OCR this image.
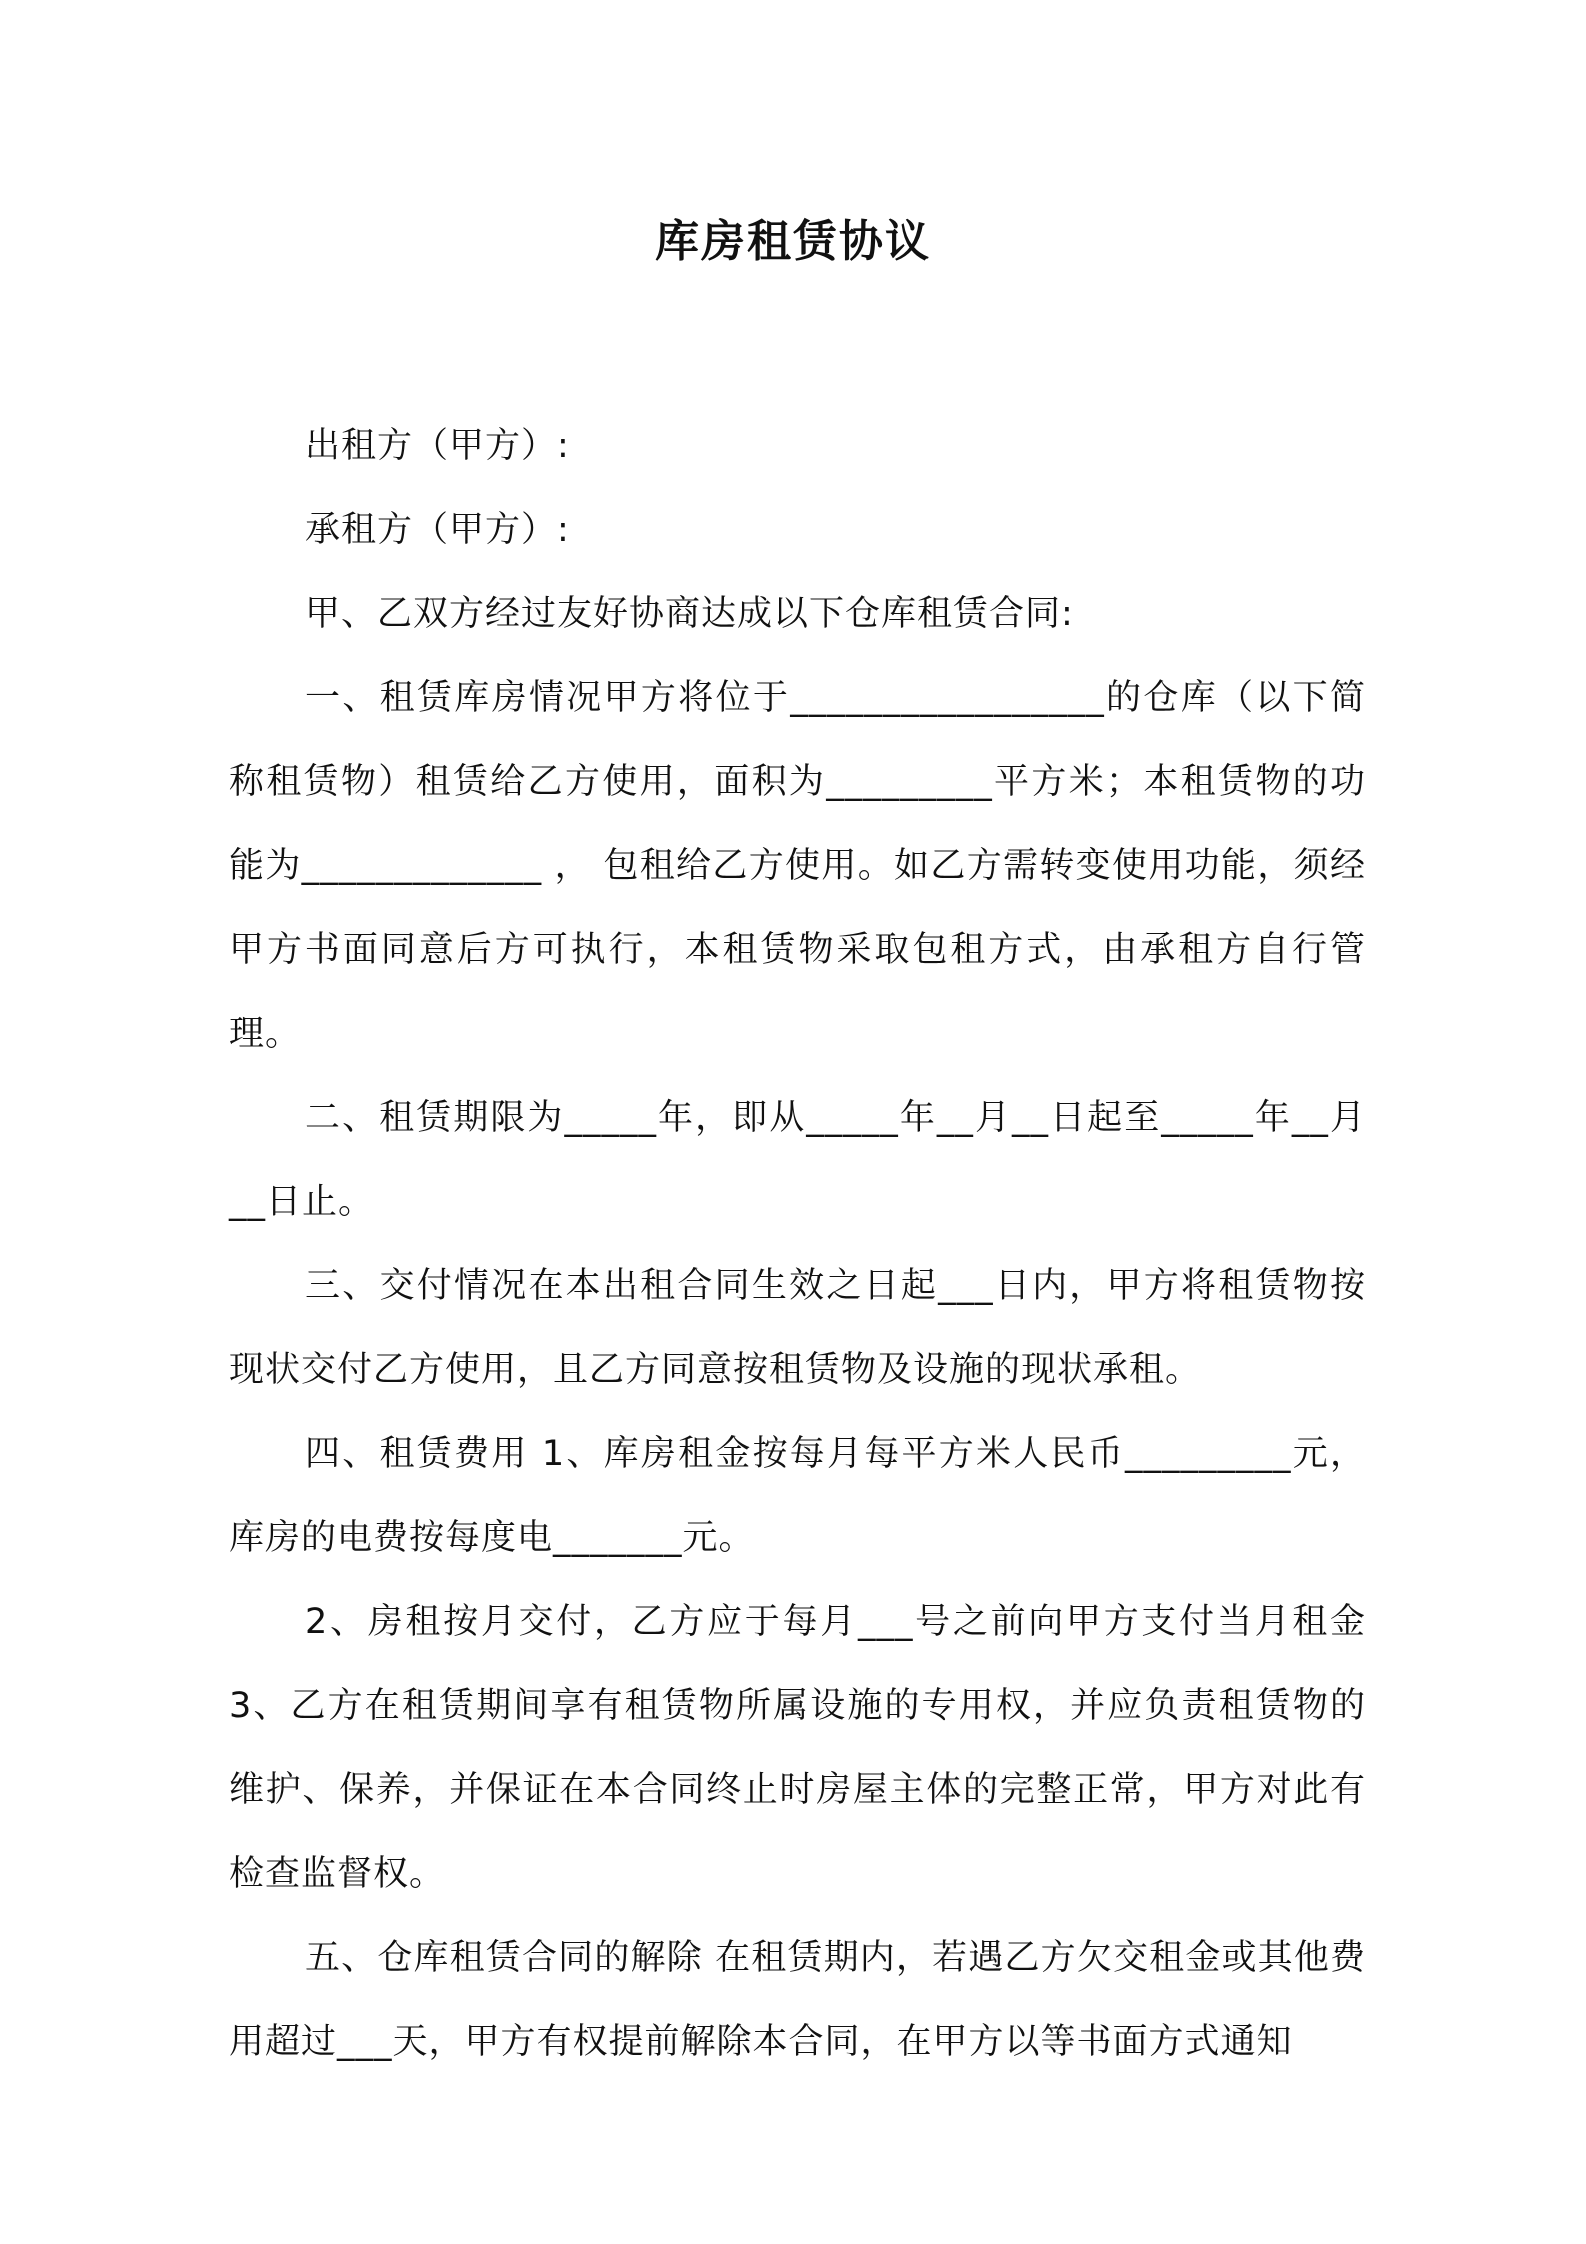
库房租赁协议

出租方（甲方）:

承租方（甲方）:

甲、乙双方经过友好协商达成以下仓库租赁合同:

一、租赁库房情况甲方将位于_________________的仓库（以下简称租赁物）租赁给乙方使用，面积为_________平方米；本租赁物的功能为_____________ ， 包租给乙方使用。如乙方需转变使用功能，须经甲方书面同意后方可执行，本租赁物采取包租方式，由承租方自行管理。

二、租赁期限为_____年，即从_____年__月__日起至_____年__月__日止。

三、交付情况在本出租合同生效之日起___日内，甲方将租赁物按现状交付乙方使用，且乙方同意按租赁物及设施的现状承租。

四、租赁费用 1、库房租金按每月每平方米人民币_________元，库房的电费按每度电_______元。

2、房租按月交付，乙方应于每月___号之前向甲方支付当月租金 3、乙方在租赁期间享有租赁物所属设施的专用权，并应负责租赁物的维护、保养，并保证在本合同终止时房屋主体的完整正常，甲方对此有检查监督权。

五、仓库租赁合同的解除 在租赁期内，若遇乙方欠交租金或其他费用超过___天，甲方有权提前解除本合同，在甲方以等书面方式通知
